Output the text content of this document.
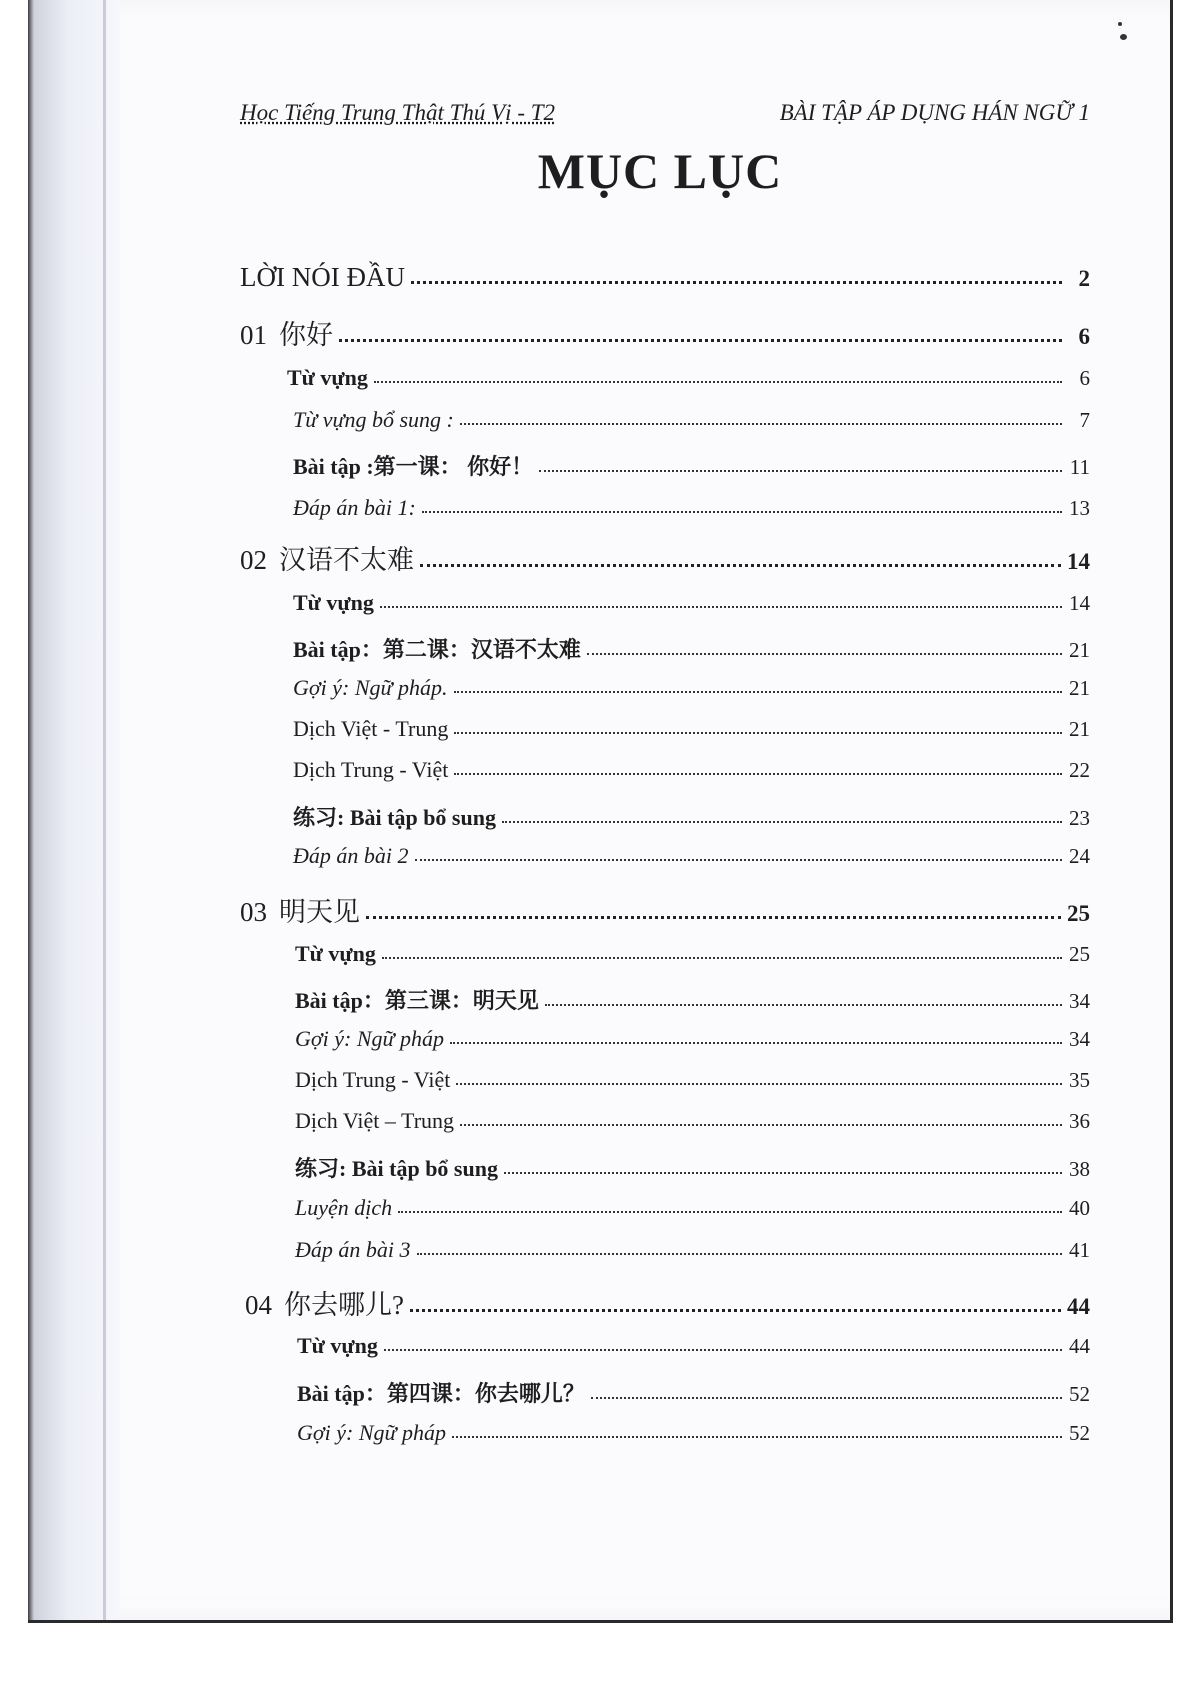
Học Tiếng Trung Thật Thú Vị - T2	BÀI TẬP ÁP DỤNG HÁN NGỮ 1
MỤC LỤC
LỜI NÓI ĐẦU	2
01 你好	6
Từ vựng	6
Từ vựng bổ sung :	7
Bài tập :第一课： 你好！	11
Đáp án bài 1:	13
02 汉语不太难	14
Từ vựng	14
Bài tập：第二课：汉语不太难	21
Gợi ý: Ngữ pháp.	21
Dịch Việt - Trung	21
Dịch Trung - Việt	22
练习: Bài tập bổ sung	23
Đáp án bài 2	24
03 明天见	25
Từ vựng	25
Bài tập：第三课：明天见	34
Gợi ý: Ngữ pháp	34
Dịch Trung - Việt	35
Dịch Việt – Trung	36
练习: Bài tập bổ sung	38
Luyện dịch	40
Đáp án bài 3	41
04 你去哪儿?	44
Từ vựng	44
Bài tập：第四课：你去哪儿？	52
Gợi ý: Ngữ pháp	52
